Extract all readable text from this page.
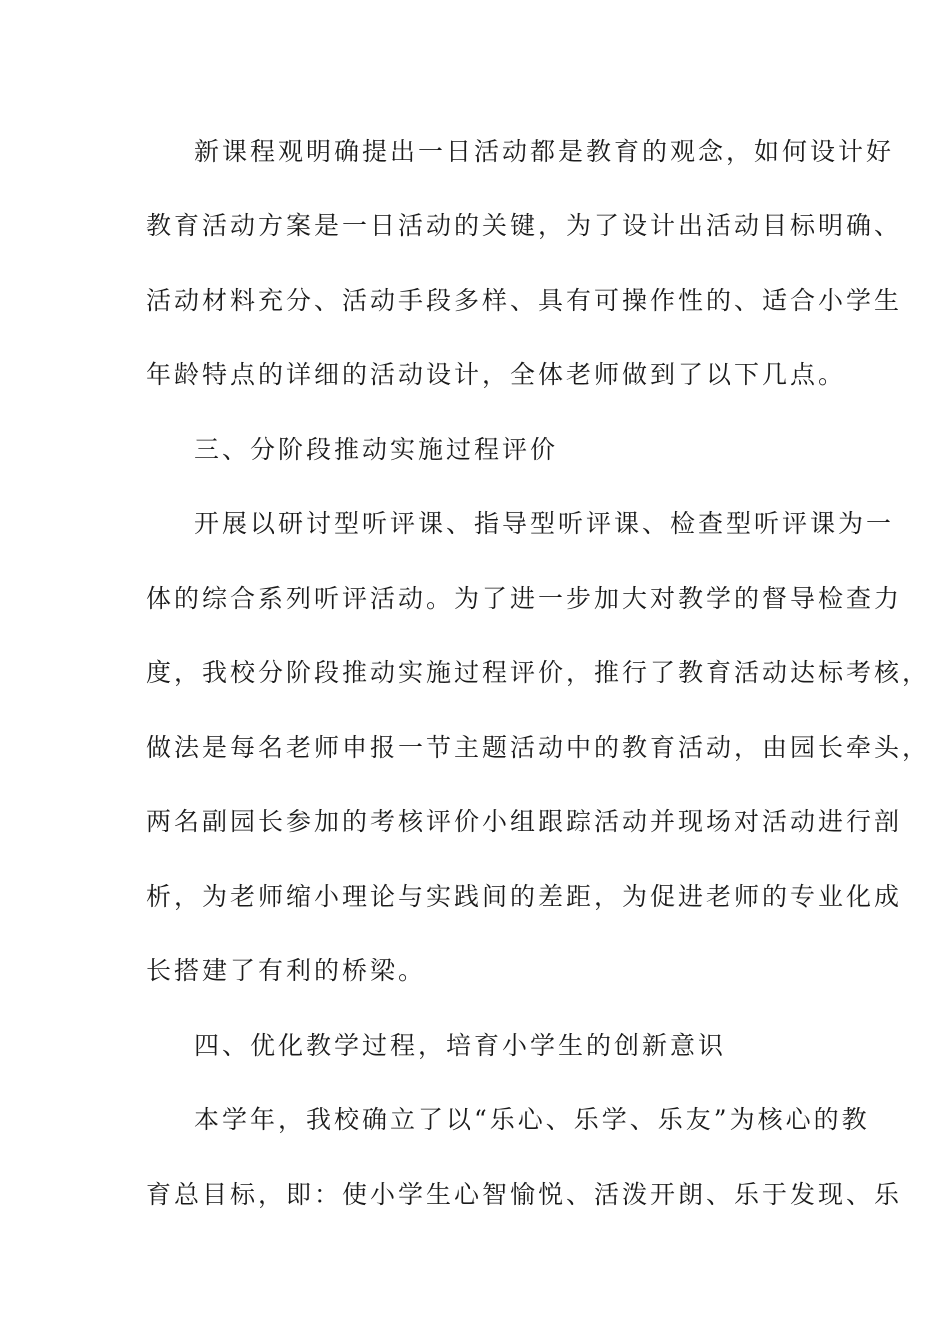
新课程观明确提出一日活动都是教育的观念，如何设计好
教育活动方案是一日活动的关键，为了设计出活动目标明确、
活动材料充分、活动手段多样、具有可操作性的、适合小学生
年龄特点的详细的活动设计，全体老师做到了以下几点。
三、分阶段推动实施过程评价
开展以研讨型听评课、指导型听评课、检查型听评课为一
体的综合系列听评活动。为了进一步加大对教学的督导检查力
度，我校分阶段推动实施过程评价，推行了教育活动达标考核，
做法是每名老师申报一节主题活动中的教育活动，由园长牵头，
两名副园长参加的考核评价小组跟踪活动并现场对活动进行剖
析，为老师缩小理论与实践间的差距，为促进老师的专业化成
长搭建了有利的桥梁。
四、优化教学过程，培育小学生的创新意识
本学年，我校确立了以“乐心、乐学、乐友”为核心的教
育总目标，即：使小学生心智愉悦、活泼开朗、乐于发现、乐
